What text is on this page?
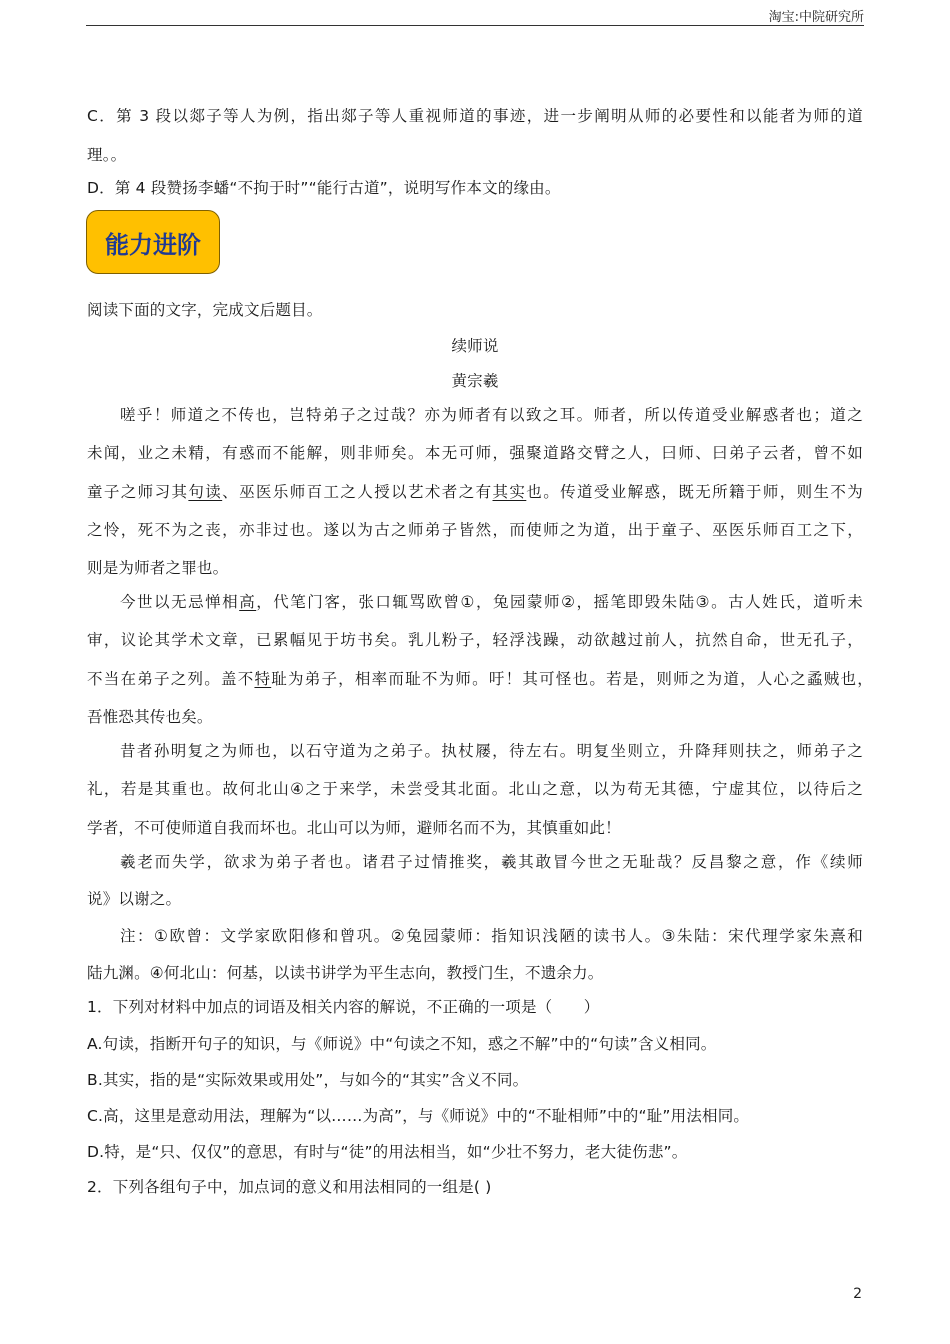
淘宝:中院研究所
C．第 3 段以郯子等人为例，指出郯子等人重视师道的事迹，进一步阐明从师的必要性和以能者为师的道
理。。
D．第 4 段赞扬李蟠“不拘于时”“能行古道”，说明写作本文的缘由。
能力进阶
阅读下面的文字，完成文后题目。
续师说
黄宗羲
嗟乎！师道之不传也，岂特弟子之过哉？亦为师者有以致之耳。师者，所以传道受业解惑者也；道之
未闻，业之未精，有惑而不能解，则非师矣。本无可师，强聚道路交臂之人，曰师、曰弟子云者，曾不如
童子之师习其句读、巫医乐师百工之人授以艺术者之有其实也。传道受业解惑，既无所籍于师，则生不为
之怜，死不为之丧，亦非过也。遂以为古之师弟子皆然，而使师之为道，出于童子、巫医乐师百工之下，
则是为师者之罪也。
今世以无忌惮相高，代笔门客，张口辄骂欧曾①，兔园蒙师②，摇笔即毁朱陆③。古人姓氏，道听未
审，议论其学术文章，已累幅见于坊书矣。乳儿粉子，轻浮浅躁，动欲越过前人，抗然自命，世无孔子，
不当在弟子之列。盖不特耻为弟子，相率而耻不为师。吁！其可怪也。若是，则师之为道，人心之蟊贼也，
吾惟恐其传也矣。
昔者孙明复之为师也，以石守道为之弟子。执杖屦，待左右。明复坐则立，升降拜则扶之，师弟子之
礼，若是其重也。故何北山④之于来学，未尝受其北面。北山之意，以为苟无其德，宁虚其位，以待后之
学者，不可使师道自我而坏也。北山可以为师，避师名而不为，其慎重如此！
羲老而失学，欲求为弟子者也。诸君子过情推奖，羲其敢冒今世之无耻哉？反昌黎之意，作《续师
说》以谢之。
注：①欧曾：文学家欧阳修和曾巩。②兔园蒙师：指知识浅陋的读书人。③朱陆：宋代理学家朱熹和
陆九渊。④何北山：何基，以读书讲学为平生志向，教授门生，不遗余力。
1．下列对材料中加点的词语及相关内容的解说，不正确的一项是（　　）
A.句读，指断开句子的知识，与《师说》中“句读之不知，惑之不解”中的“句读”含义相同。
B.其实，指的是“实际效果或用处”，与如今的“其实”含义不同。
C.高，这里是意动用法，理解为“以……为高”，与《师说》中的“不耻相师”中的“耻”用法相同。
D.特，是“只、仅仅”的意思，有时与“徒”的用法相当，如“少壮不努力，老大徒伤悲”。
2．下列各组句子中，加点词的意义和用法相同的一组是( )
2
